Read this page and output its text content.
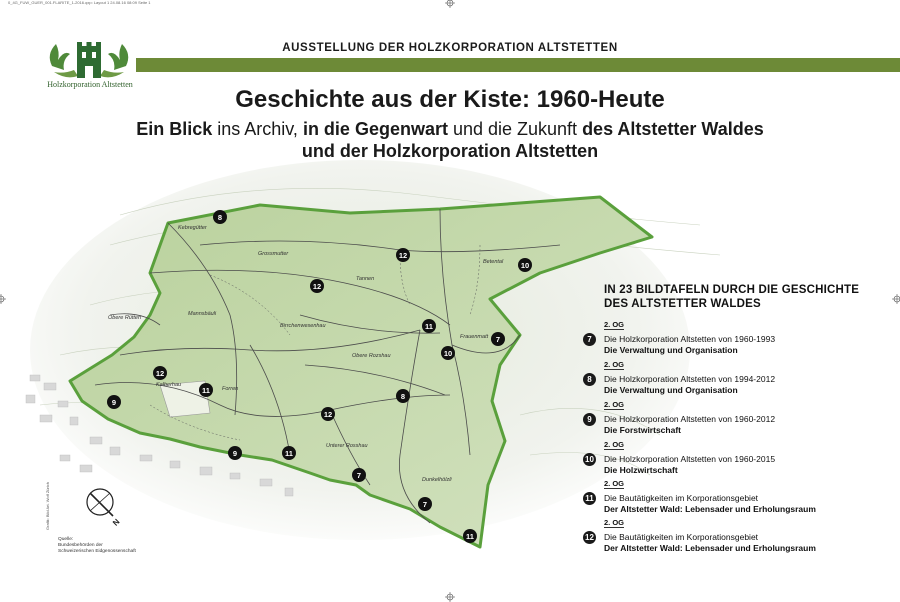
0_4G_FUW_GUER_001.FLARITE_1-2016.qxp: Layout 1 24.08.16 08:09 Seite 1
Holzkorporation Altstetten
AUSSTELLUNG DER HOLZKORPORATION ALTSTETTEN
Geschichte aus der Kiste: 1960-Heute
Ein Blick ins Archiv, in die Gegenwart und die Zukunft des Altstetter Waldes
und der Holzkorporation Altstetten
Kebregütter
Grossmutter
Tannen
Betental
Obere Rütten
Mannsbäuli
Birrchenwesenhau
Obere Rozshau
Frauenmatt
Kalberhau
Forren
Unterer Rosshau
Dunkelhölzli
8
12
10
12
11
7
10
12
11
9
8
12
9	11
7
7
11
N
Quelle:
Bundesbehörden der
Schweizerischen Eidgenossenschaft
Grafik: Bild Art. Wolf Zürich
IN 23 BILDTAFELN DURCH DIE GESCHICHTE
DES ALTSTETTER WALDES
2. OG
7	Die Holzkorporation Altstetten von 1960-1993
Die Verwaltung und Organisation
2. OG
8	Die Holzkorporation Altstetten von 1994-2012
Die Verwaltung und Organisation
2. OG
9	Die Holzkorporation Altstetten von 1960-2012
Die Forstwirtschaft
2. OG
10 Die Holzkorporation Altstetten von 1960-2015
Die Holzwirtschaft
2. OG
11 Die Bautätigkeiten im Korporationsgebiet
Der Altstetter Wald: Lebensader und Erholungsraum
2. OG
12 Die Bautätigkeiten im Korporationsgebiet
Der Altstetter Wald: Lebensader und Erholungsraum
